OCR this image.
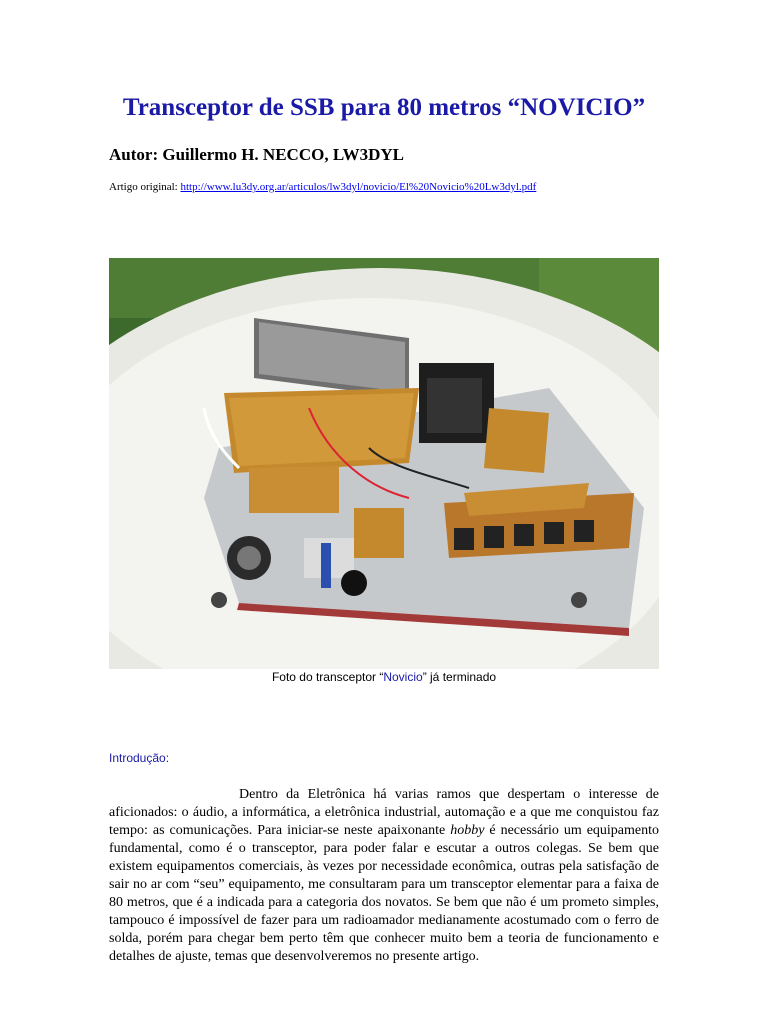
Transceptor de SSB para 80 metros “NOVICIO”

Autor: Guillermo H. NECCO, LW3DYL

Artigo original: http://www.lu3dy.org.ar/articulos/lw3dyl/novicio/El%20Novicio%20Lw3dyl.pdf

Foto do transceptor “Novicio” já terminado

Introdução:

Dentro da Eletrônica há varias ramos que despertam o interesse de aficionados: o áudio, a informática, a eletrônica industrial, automação e a que me conquistou faz tempo: as comunicações. Para iniciar-se neste apaixonante hobby é necessário um equipamento fundamental, como é o transceptor, para poder falar e escutar a outros colegas. Se bem que existem equipamentos comerciais, às vezes por necessidade econômica, outras pela satisfação de sair no ar com “seu” equipamento, me consultaram para um transceptor elementar para a faixa de 80 metros, que é a indicada para a categoria dos novatos. Se bem que não é um prometo simples, tampouco é impossível de fazer para um radioamador medianamente acostumado com o ferro de solda, porém para chegar bem perto têm que conhecer muito bem a teoria de funcionamento e detalhes de ajuste, temas que desenvolveremos no presente artigo.
